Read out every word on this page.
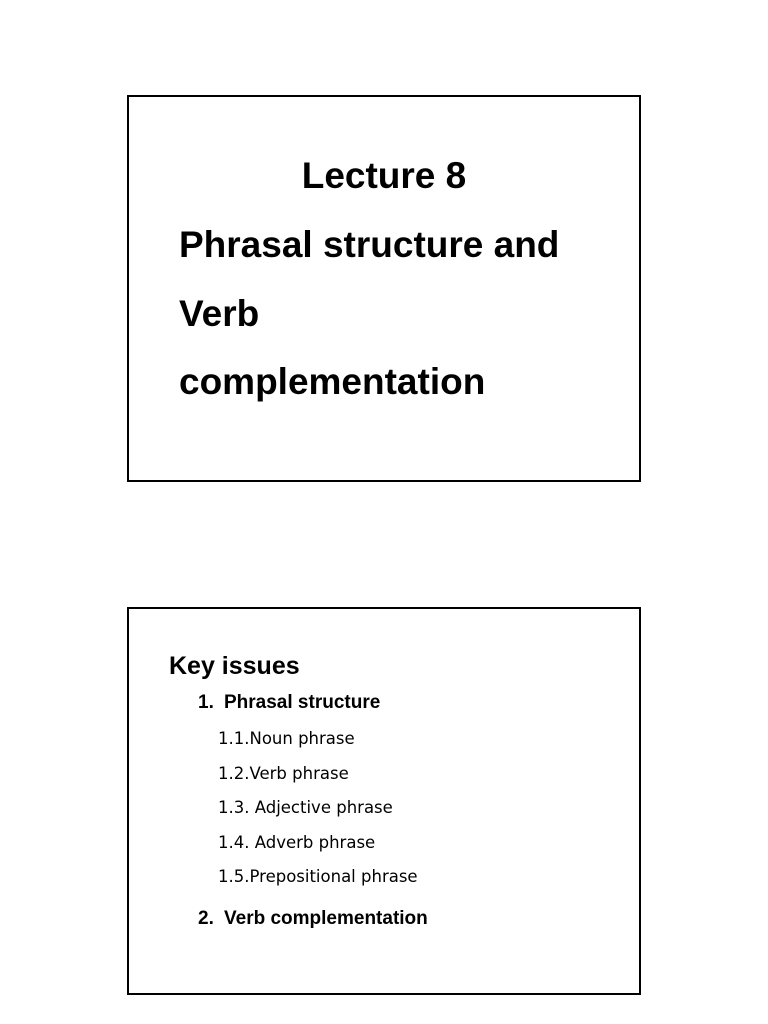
Lecture 8
Phrasal structure and
Verb
complementation
Key issues
1. Phrasal structure
1.1.Noun phrase
1.2.Verb phrase
1.3. Adjective phrase
1.4. Adverb phrase
1.5.Prepositional phrase
2. Verb complementation
